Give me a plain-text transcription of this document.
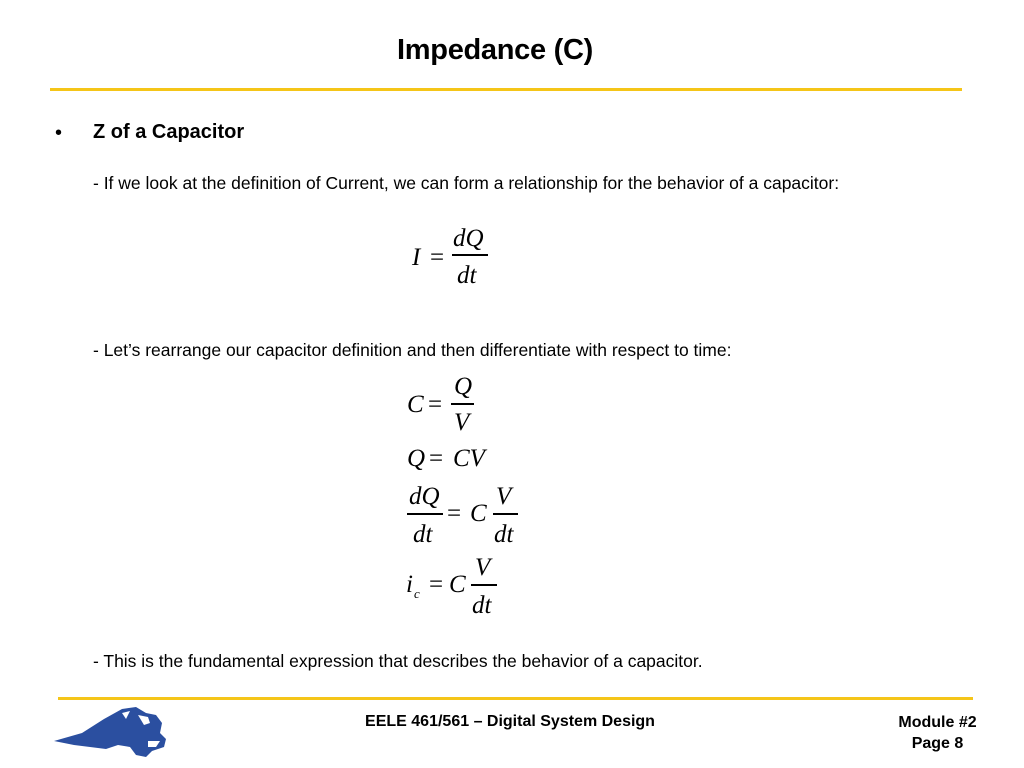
Impedance (C)
• Z of a Capacitor
- If we look at the definition of Current, we can form a relationship for the behavior of a capacitor:
I =
dQ
dt
- Let’s rearrange our capacitor definition and then differentiate with respect to time:
C =
Q
V
Q = CV
dQ
dt
= C
V
dt
i c = C
V
dt
- This is the fundamental expression that describes the behavior of a capacitor.
EELE 461/561 – Digital System Design	Module #2
Page 8
